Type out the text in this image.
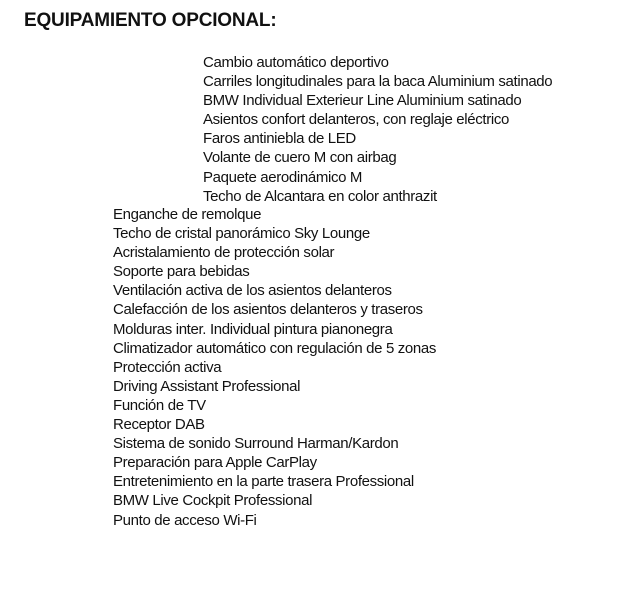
EQUIPAMIENTO OPCIONAL:
Cambio automático deportivo
Carriles longitudinales para la baca Aluminium satinado
BMW Individual Exterieur Line Aluminium satinado
Asientos confort delanteros, con reglaje eléctrico
Faros antiniebla de LED
Volante de cuero M con airbag
Paquete aerodinámico M
Techo de Alcantara en color anthrazit
Enganche de remolque
Techo de cristal panorámico Sky Lounge
Acristalamiento de protección solar
Soporte para bebidas
Ventilación activa de los asientos delanteros
Calefacción de los asientos delanteros y traseros
Molduras inter. Individual pintura pianonegra
Climatizador automático con regulación de 5 zonas
Protección activa
Driving Assistant Professional
Función de TV
Receptor DAB
Sistema de sonido Surround Harman/Kardon
Preparación para Apple CarPlay
Entretenimiento en la parte trasera Professional
BMW Live Cockpit Professional
Punto de acceso Wi-Fi
